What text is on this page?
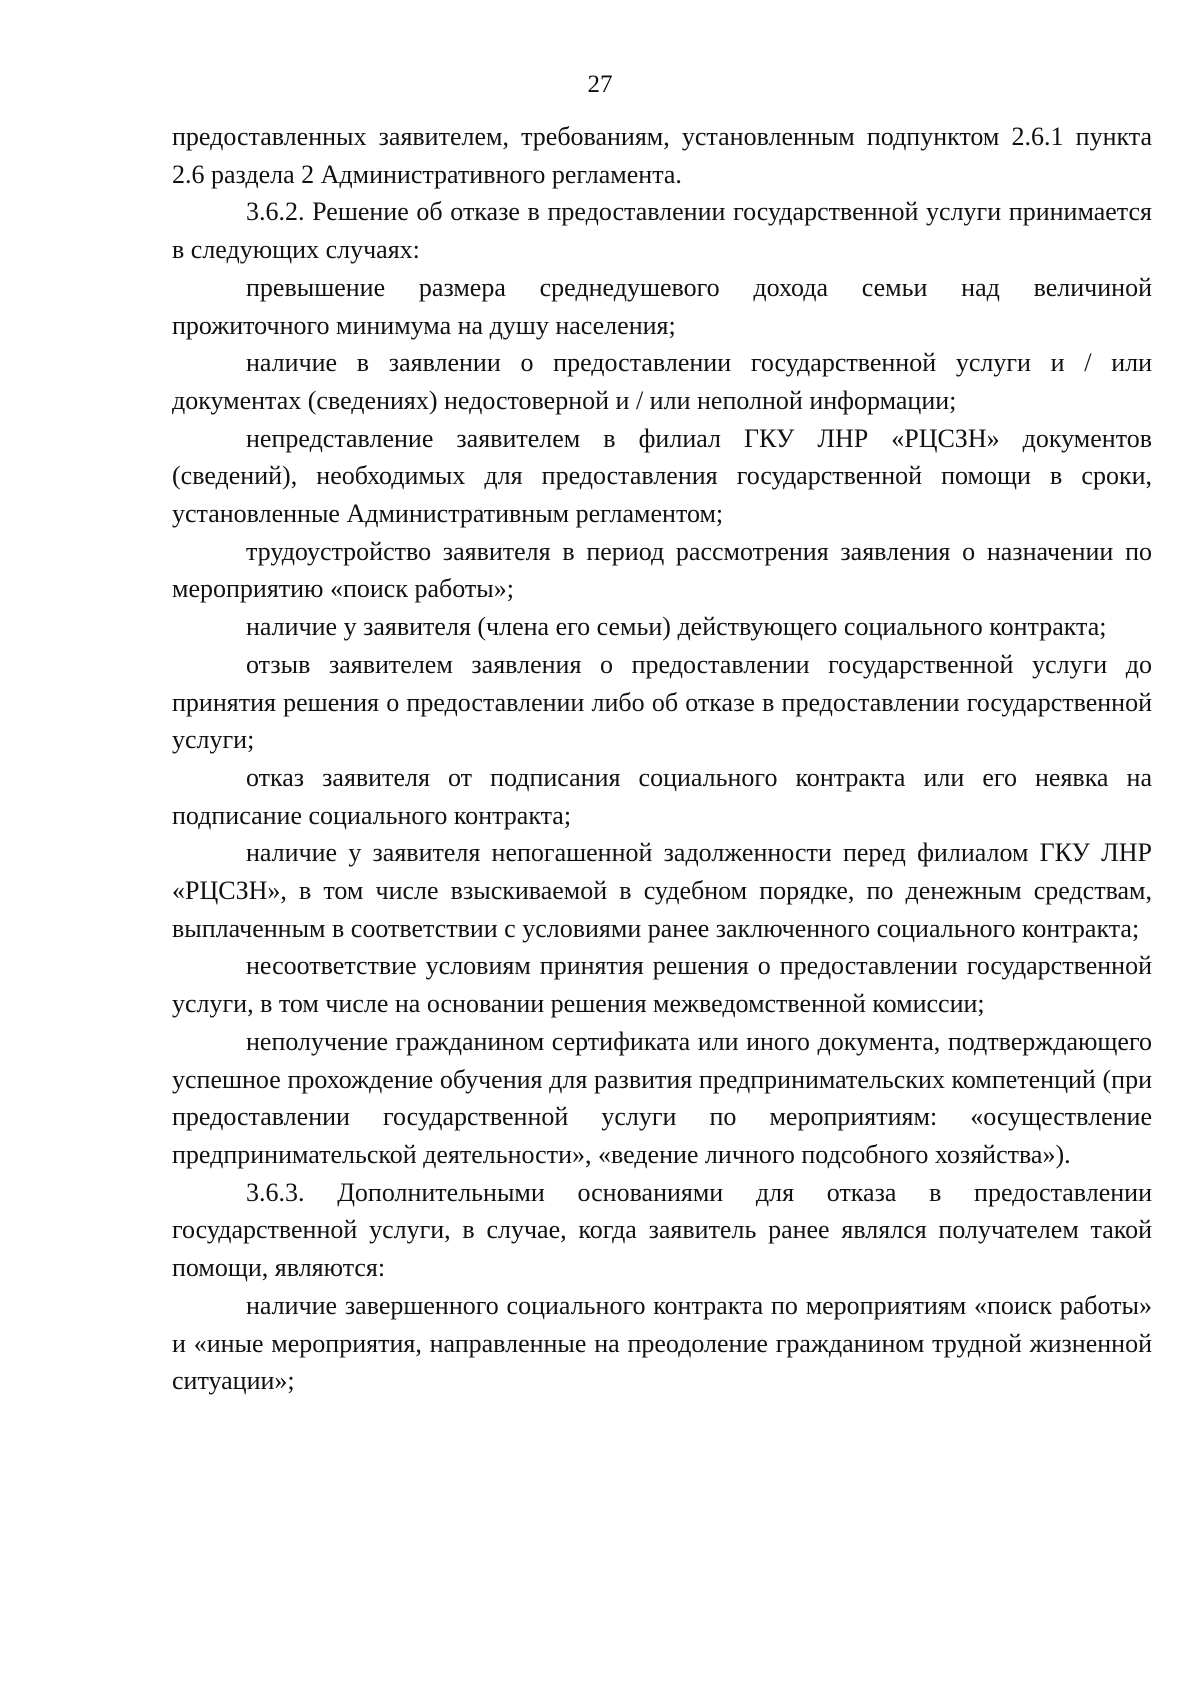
27

предоставленных заявителем, требованиям, установленным подпунктом 2.6.1 пункта 2.6 раздела 2 Административного регламента.

3.6.2. Решение об отказе в предоставлении государственной услуги принимается в следующих случаях:

превышение размера среднедушевого дохода семьи над величиной прожиточного минимума на душу населения;

наличие в заявлении о предоставлении государственной услуги и / или документах (сведениях) недостоверной и / или неполной информации;

непредставление заявителем в филиал ГКУ ЛНР «РЦСЗН» документов (сведений), необходимых для предоставления государственной помощи в сроки, установленные Административным регламентом;

трудоустройство заявителя в период рассмотрения заявления о назначении по мероприятию «поиск работы»;

наличие у заявителя (члена его семьи) действующего социального контракта;

отзыв заявителем заявления о предоставлении государственной услуги до принятия решения о предоставлении либо об отказе в предоставлении государственной услуги;

отказ заявителя от подписания социального контракта или его неявка на подписание социального контракта;

наличие у заявителя непогашенной задолженности перед филиалом ГКУ ЛНР «РЦСЗН», в том числе взыскиваемой в судебном порядке, по денежным средствам, выплаченным в соответствии с условиями ранее заключенного социального контракта;

несоответствие условиям принятия решения о предоставлении государственной услуги, в том числе на основании решения межведомственной комиссии;

неполучение гражданином сертификата или иного документа, подтверждающего успешное прохождение обучения для развития предпринимательских компетенций (при предоставлении государственной услуги по мероприятиям: «осуществление предпринимательской деятельности», «ведение личного подсобного хозяйства»).

3.6.3. Дополнительными основаниями для отказа в предоставлении государственной услуги, в случае, когда заявитель ранее являлся получателем такой помощи, являются:

наличие завершенного социального контракта по мероприятиям «поиск работы» и «иные мероприятия, направленные на преодоление гражданином трудной жизненной ситуации»;
